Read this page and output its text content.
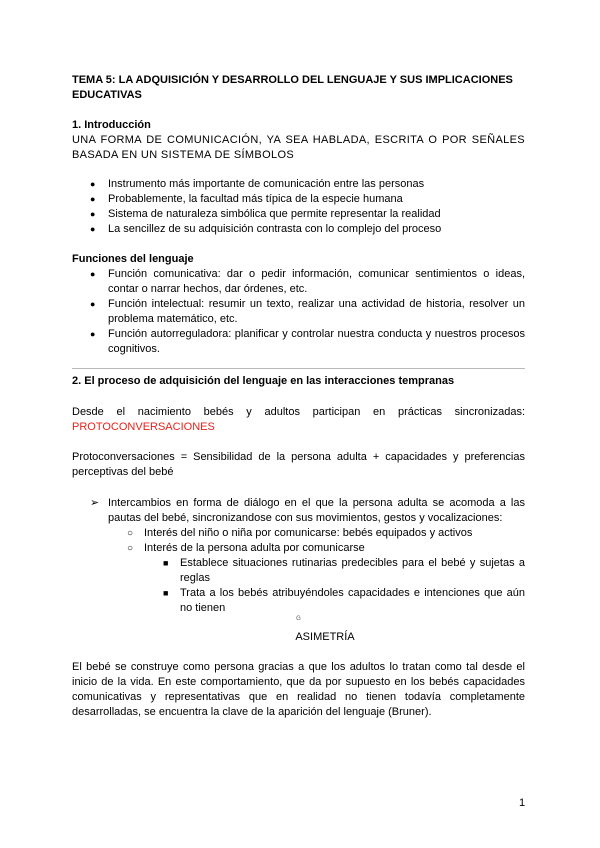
TEMA 5: LA ADQUISICIÓN Y DESARROLLO DEL LENGUAJE Y SUS IMPLICACIONES EDUCATIVAS

1. Introducción

UNA FORMA DE COMUNICACIÓN, YA SEA HABLADA, ESCRITA O POR SEÑALES BASADA EN UN SISTEMA DE SÍMBOLOS

● Instrumento más importante de comunicación entre las personas
● Probablemente, la facultad más típica de la especie humana
● Sistema de naturaleza simbólica que permite representar la realidad
● La sencillez de su adquisición contrasta con lo complejo del proceso

Funciones del lenguaje

● Función comunicativa: dar o pedir información, comunicar sentimientos o ideas, contar o narrar hechos, dar órdenes, etc.
● Función intelectual: resumir un texto, realizar una actividad de historia, resolver un problema matemático, etc.
● Función autorreguladora: planificar y controlar nuestra conducta y nuestros procesos cognitivos.

2. El proceso de adquisición del lenguaje en las interacciones tempranas

Desde el nacimiento bebés y adultos participan en prácticas sincronizadas:

PROTOCONVERSACIONES

Protoconversaciones = Sensibilidad de la persona adulta + capacidades y preferencias perceptivas del bebé

➢ Intercambios en forma de diálogo en el que la persona adulta se acomoda a las pautas del bebé, sincronizandose con sus movimientos, gestos y vocalizaciones:
○ Interés del niño o niña por comunicarse: bebés equipados y activos
○ Interés de la persona adulta por comunicarse
■ Establece situaciones rutinarias predecibles para el bebé y sujetas a reglas
■ Trata a los bebés atribuyéndoles capacidades e intenciones que aún no tienen

G

ASIMETRÍA

El bebé se construye como persona gracias a que los adultos lo tratan como tal desde el inicio de la vida. En este comportamiento, que da por supuesto en los bebés capacidades comunicativas y representativas que en realidad no tienen todavía completamente desarrolladas, se encuentra la clave de la aparición del lenguaje (Bruner).

1
